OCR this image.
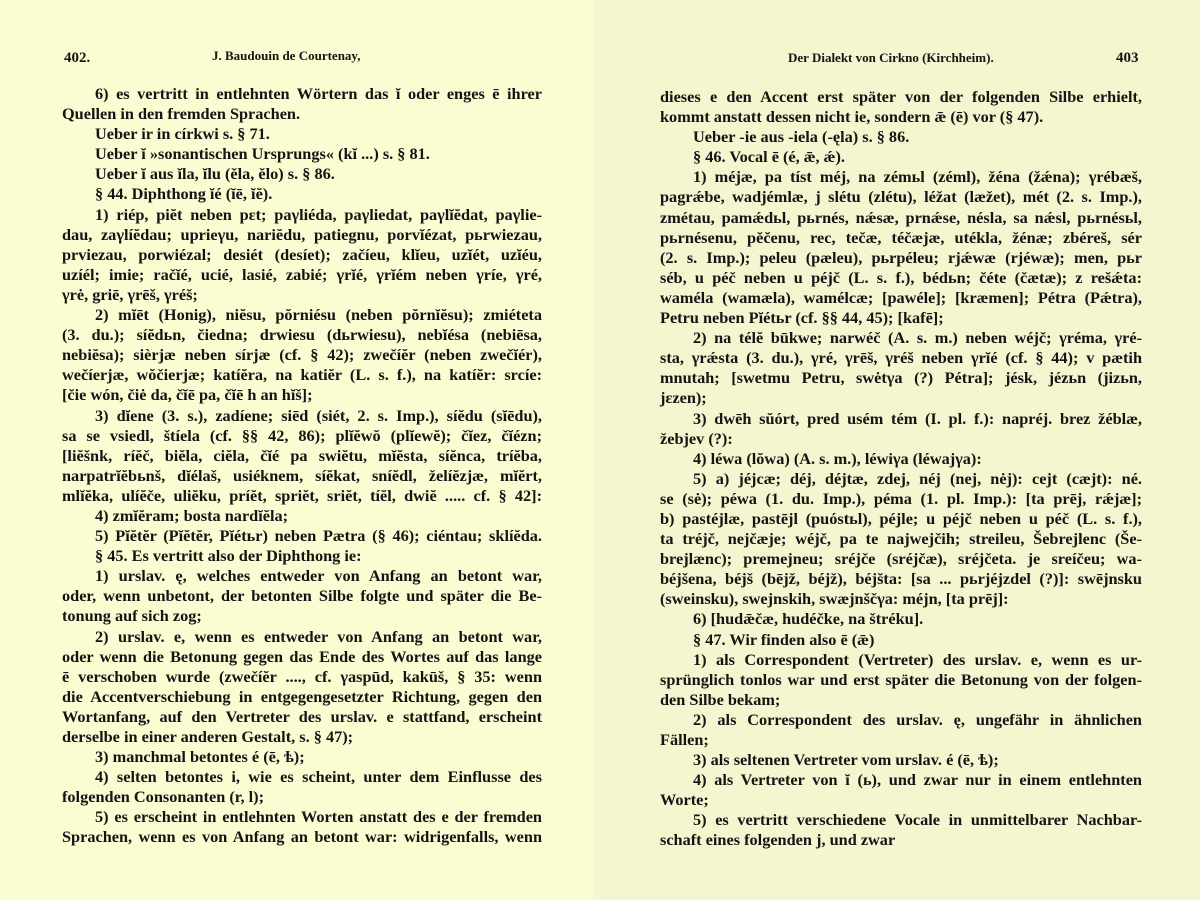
402.	J. Baudouin de Courtenay,
6) es vertritt in entlehnten Wörtern das ĭ oder enges ē ihrer
Quellen in den fremden Sprachen.
Ueber ir in církwi s. § 71.
Ueber ĭ »sonantischen Ursprungs« (kĭ ...) s. § 81.
Ueber ĭ aus ĭla, ĭlu (ěla, ělo) s. § 86.
§ 44. Diphthong ĭé (ĭē, ĭĕ).
1) riép, piĕt neben pɛt; paγliéda, paγliedat, paγlĭĕdat, paγlie-
dau, zaγlíĕdau; uprieγu, nariĕdu, patiegnu, porvĭézat, pьrwiezau,
prviezau, porwiézal; desiét (desíet); začíeu, klĭeu, uzĭét, uzĭéu,
uzíél; imie; račĭé, ucié, lasié, zabié; γrĭé, γrĭém neben γríe, γré,
γrė, griē, γrēš, γréš;
2) mĭēt (Honig), niĕsu, pŏrniésu (neben pŏrnĭĕsu); zmiéteta
(3. du.); síĕdьn, čiedna; drwiesu (dьrwiesu), nebĭésa (nebiēsa,
nebiĕsa); sièrjæ neben sírjæ (cf. § 42); zwečíĕr (neben zwečĭér),
wečíerjæ, wŏčierjæ; katíĕra, na katiĕr (L. s. f.), na katíĕr: srcíe:
[čie wón, čiė da, čĭē pa, čĭē h an hĭš];
3) dĭene (3. s.), zadíene; siēd (siét, 2. s. Imp.), síĕdu (sĭēdu),
sa se vsiedl, štíela (cf. §§ 42, 86); plĭĕwŏ (plĭewĕ); čĭez, čĭézn;
[liĕšnk, ríĕč, biĕla, ciĕla, čĭé pa swiĕtu, mĭĕsta, síĕnca, tríĕba,
narpatrĭĕbьnš, dĭélaš, usiéknem, síĕkat, sníĕdl, želíĕzjæ, mĭĕrt,
mlĭĕka, ulíĕče, uliĕku, príĕt, spriĕt, sriĕt, tíĕl, dwiĕ ..... cf. § 42]:
4) zmĭĕram; bosta nardĭĕla;
5) Pĭĕtĕr (Pĭĕtĕr, Pĭétьr) neben Pætra (§ 46); ciéntau; sklíĕda.
§ 45. Es vertritt also der Diphthong ie:
1) urslav. ę, welches entweder von Anfang an betont war,
oder, wenn unbetont, der betonten Silbe folgte und später die Be-
tonung auf sich zog;
2) urslav. e, wenn es entweder von Anfang an betont war,
oder wenn die Betonung gegen das Ende des Wortes auf das lange
ē verschoben wurde (zwečíĕr ...., cf. γaspūd, kakūš, § 35: wenn
die Accentverschiebung in entgegengesetzter Richtung, gegen den
Wortanfang, auf den Vertreter des urslav. e stattfand, erscheint
derselbe in einer anderen Gestalt, s. § 47);
3) manchmal betontes é (ē, ѣ);
4) selten betontes i, wie es scheint, unter dem Einflusse des
folgenden Consonanten (r, l);
5) es erscheint in entlehnten Worten anstatt des e der fremden
Sprachen, wenn es von Anfang an betont war: widrigenfalls, wenn
Der Dialekt von Cirkno (Kirchheim).	403
dieses e den Accent erst später von der folgenden Silbe erhielt,
kommt anstatt dessen nicht ie, sondern ǣ (ē) vor (§ 47).
Ueber -ie aus -iela (-ęla) s. § 86.
§ 46. Vocal ē (é, ǣ, ǽ).
1) méjæ, pa tíst méj, na zémьl (zéml), žéna (žǽna); γrébæš,
pagrǽbe, wadjémlæ, j slétu (zlétu), léžat (læžet), mét (2. s. Imp.),
zmétau, pamǽdьl, pьrnés, nǽsæ, prnǽse, nésla, sa nǽsl, pьrnésьl,
pьrnésenu, pěčenu, rec, tečæ, téčæjæ, utékla, žénæ; zbéreš, sér
(2. s. Imp.); peleu (pæleu), pьrpéleu; rjǽwæ (rjéwæ); men, pьr
séb, u péč neben u péjč (L. s. f.), bédьn; čéte (čætæ); z rešǽta:
waméla (wamæla), wamélcæ; [pawéle]; [kræmen]; Pétra (Pǽtra),
Petru neben Pĭétьr (cf. §§ 44, 45); [kafē];
2) na télĕ būkwe; narwéč (A. s. m.) neben wéjč; γréma, γré-
sta, γrǽsta (3. du.), γré, γrēš, γréš neben γrĭé (cf. § 44); v pætih
mnutah; [swetmu Petru, swėtγa (?) Pétra]; jésk, jézьn (jizьn,
jɛzen);
3) dwēh sŭórt, pred usém tém (I. pl. f.): napréj. brez žéblæ,
žebjev (?):
4) léwa (lŏwa) (A. s. m.), léwiγa (léwajγa):
5) a) jéjcæ; déj, déjtæ, zdej, néj (nej, nėj): cejt (cæjt): né.
se (sė); péwa (1. du. Imp.), péma (1. pl. Imp.): [ta prēj, rǽjæ];
b) pastéjlæ, pastējl (puóstьl), péjle; u péjč neben u péč (L. s. f.),
ta tréjč, nejčæje; wéjč, pa te najwejčih; streileu, Šebrejlenc (Še-
brejlænc); premejneu; sréjče (sréjčæ), sréjčeta. je sreíčeu; wa-
béjšena, béjš (bējž, béjž), béjšta: [sa ... pьrjéjzdel (?)]: swējnsku
(sweinsku), swejnskih, swæjnščγa: méjn, [ta prēj]:
6) [hudǣčæ, hudéčke, na štréku].
§ 47. Wir finden also ē (ǣ)
1) als Correspondent (Vertreter) des urslav. e, wenn es ur-
sprünglich tonlos war und erst später die Betonung von der folgen-
den Silbe bekam;
2) als Correspondent des urslav. ę, ungefähr in ähnlichen
Fällen;
3) als seltenen Vertreter vom urslav. é (ē, ѣ);
4) als Vertreter von ĭ (ь), und zwar nur in einem entlehnten
Worte;
5) es vertritt verschiedene Vocale in unmittelbarer Nachbar-
schaft eines folgenden j, und zwar
